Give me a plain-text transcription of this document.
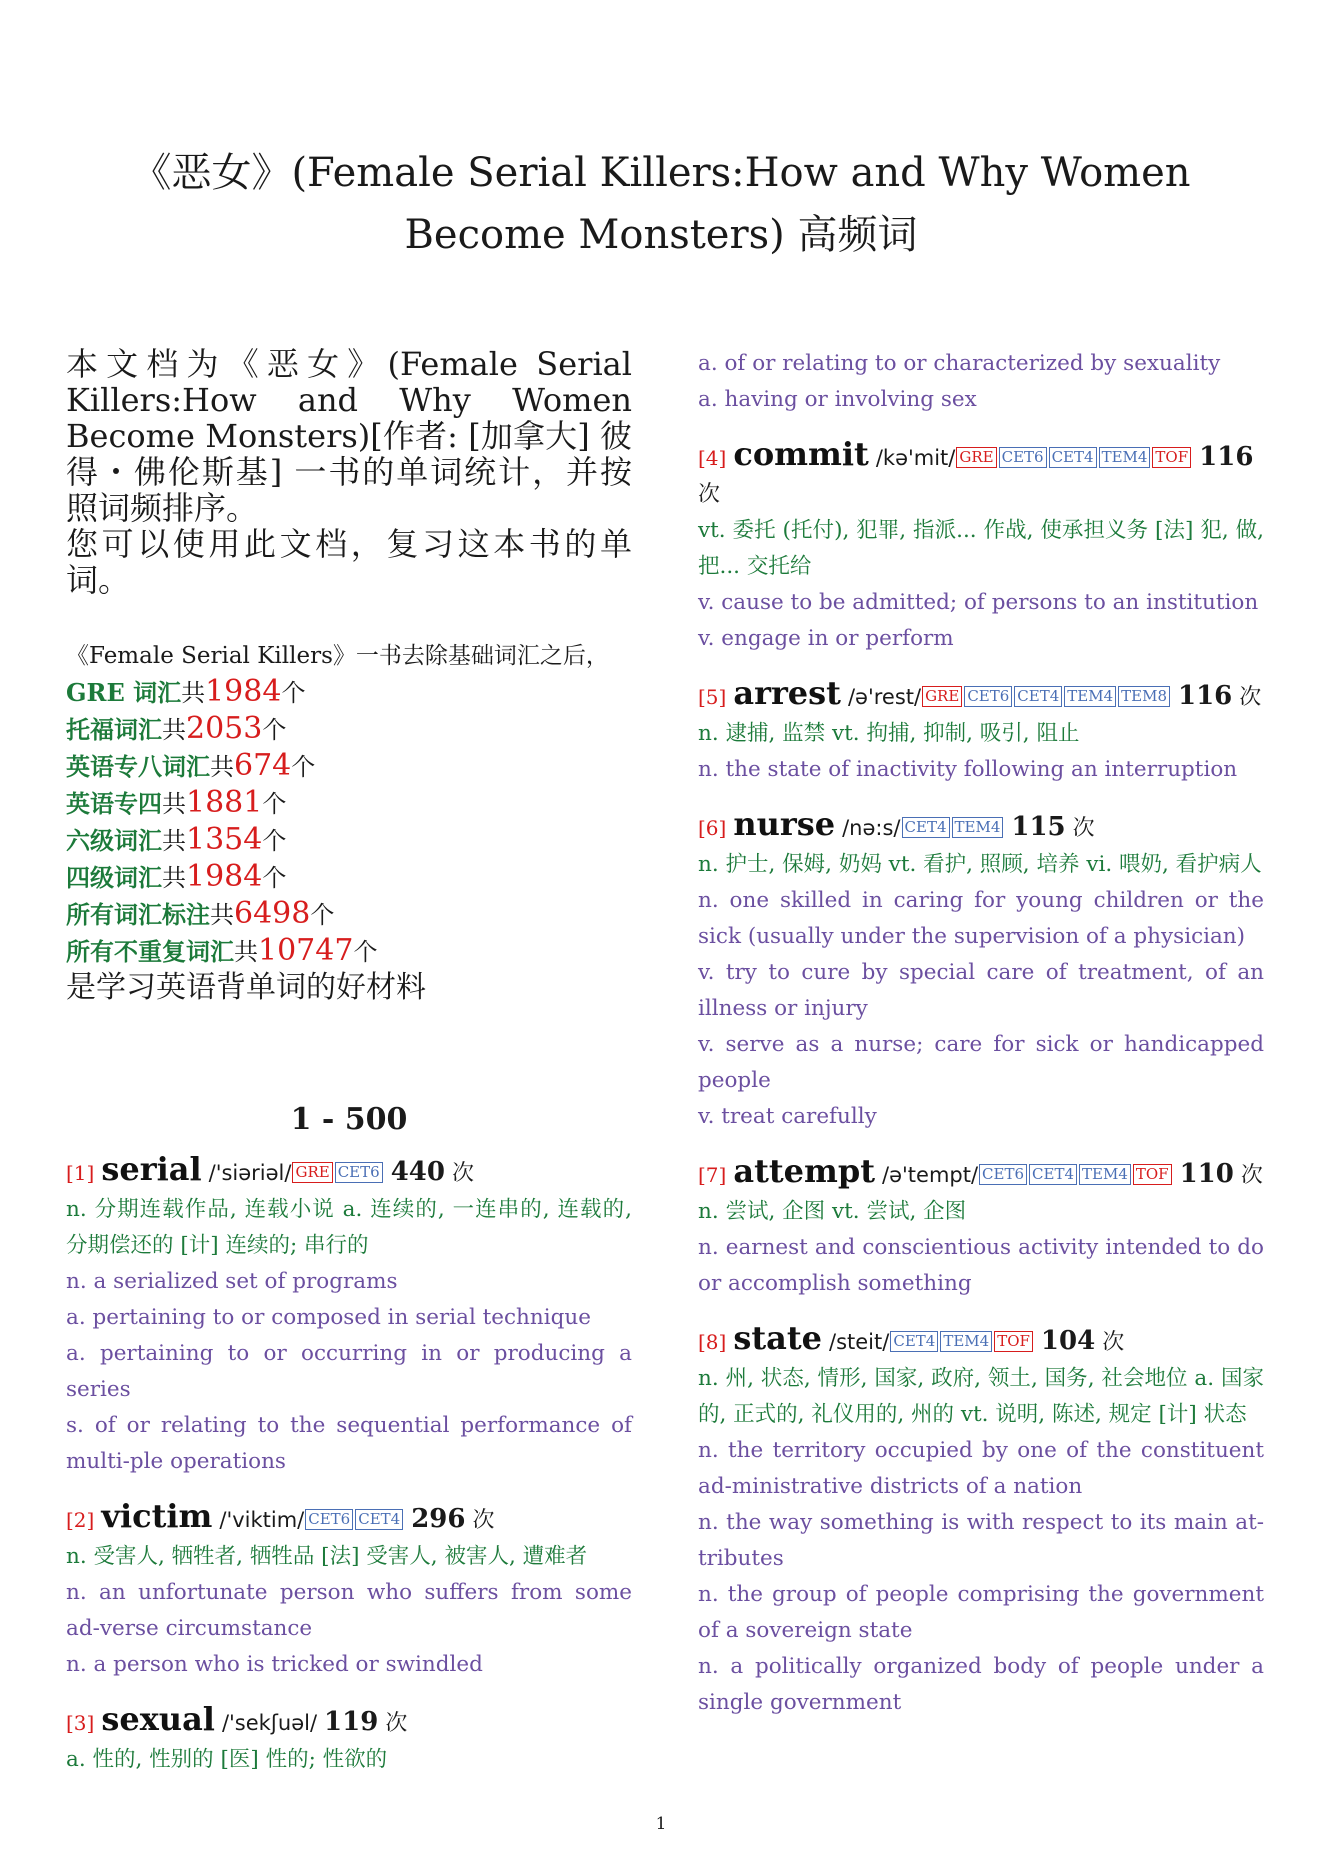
《恶女》(Female Serial Killers:How and Why Women Become Monsters) 高频词

本文档为《恶女》(Female Serial Killers:How and Why Women Become Monsters)[作者: [加拿大] 彼得・佛伦斯基] 一书的单词统计，并按照词频排序。

您可以使用此文档，复习这本书的单词。

《Female Serial Killers》一书去除基础词汇之后，
GRE 词汇共1984个
托福词汇共2053个
英语专八词汇共674个
英语专四共1881个
六级词汇共1354个
四级词汇共1984个
所有词汇标注共6498个
所有不重复词汇共10747个
是学习英语背单词的好材料
1 - 500
[1] serial /'siəriəl/ GRE CET6 440 次
n. 分期连载作品, 连载小说 a. 连续的, 一连串的, 连载的, 分期偿还的 [计] 连续的; 串行的
n. a serialized set of programs
a. pertaining to or composed in serial technique
a. pertaining to or occurring in or producing a series
s. of or relating to the sequential performance of multi-ple operations
[2] victim /'viktim/ CET6 CET4 296 次
n. 受害人, 牺牲者, 牺牲品 [法] 受害人, 被害人, 遭难者
n. an unfortunate person who suffers from some ad-verse circumstance
n. a person who is tricked or swindled
[3] sexual /'sekʃuəl/ 119 次
a. 性的, 性别的 [医] 性的; 性欲的
a. of or relating to or characterized by sexuality
a. having or involving sex
[4] commit /kə'mit/ GRE CET6 CET4 TEM4 TOF 116 次
vt. 委托 (托付), 犯罪, 指派... 作战, 使承担义务 [法] 犯, 做, 把... 交托给
v. cause to be admitted; of persons to an institution
v. engage in or perform
[5] arrest /ə'rest/ GRE CET6 CET4 TEM4 TEM8 116 次
n. 逮捕, 监禁 vt. 拘捕, 抑制, 吸引, 阻止
n. the state of inactivity following an interruption
[6] nurse /nə:s/ CET4 TEM4 115 次
n. 护士, 保姆, 奶妈 vt. 看护, 照顾, 培养 vi. 喂奶, 看护病人
n. one skilled in caring for young children or the sick (usually under the supervision of a physician)
v. try to cure by special care of treatment, of an illness or injury
v. serve as a nurse; care for sick or handicapped people
v. treat carefully
[7] attempt /ə'tempt/ CET6 CET4 TEM4 TOF 110 次
n. 尝试, 企图 vt. 尝试, 企图
n. earnest and conscientious activity intended to do or accomplish something
[8] state /steit/ CET4 TEM4 TOF 104 次
n. 州, 状态, 情形, 国家, 政府, 领土, 国务, 社会地位 a. 国家的, 正式的, 礼仪用的, 州的 vt. 说明, 陈述, 规定 [计] 状态
n. the territory occupied by one of the constituent ad-ministrative districts of a nation
n. the way something is with respect to its main at-tributes
n. the group of people comprising the government of a sovereign state
n. a politically organized body of people under a single government
1
